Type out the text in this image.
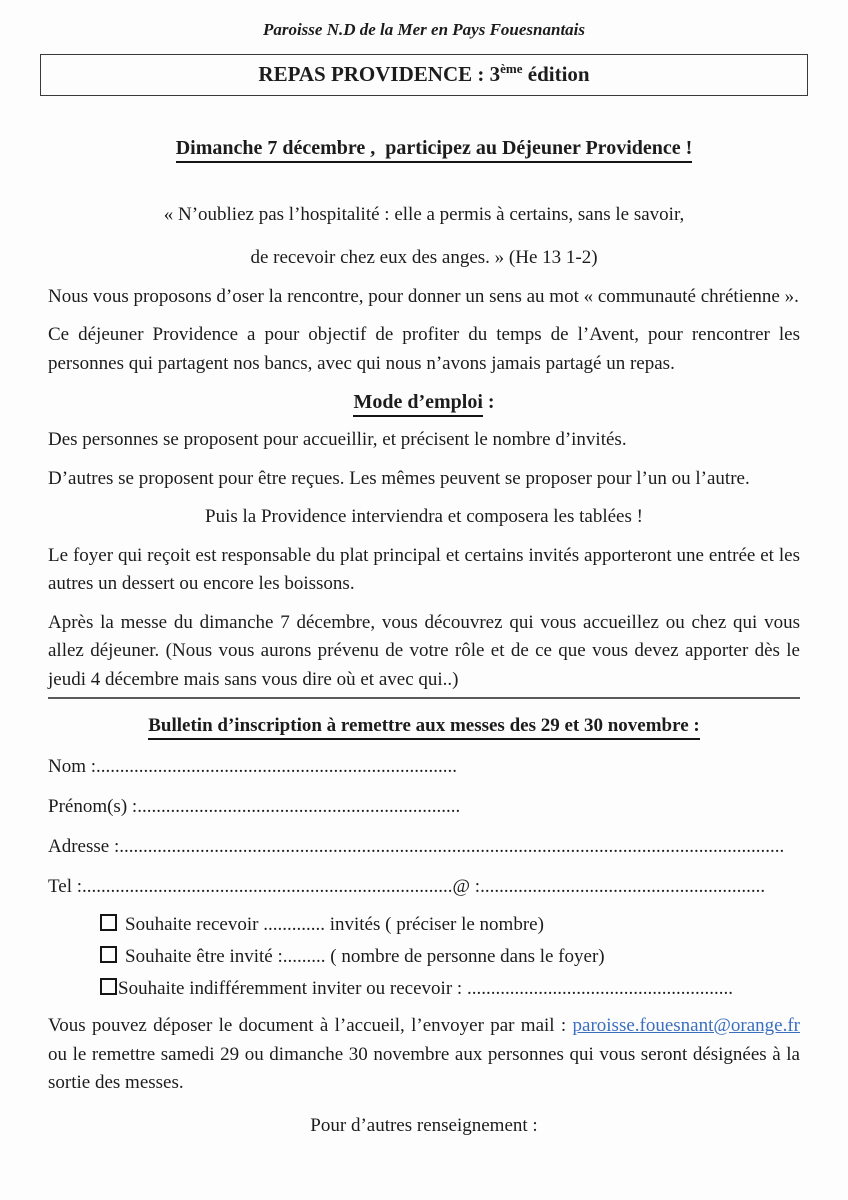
Paroisse N.D de la Mer en Pays Fouesnantais
REPAS PROVIDENCE : 3ème édition

Dimanche 7 décembre ,  participez au Déjeuner Providence !

« N’oubliez pas l’hospitalité : elle a permis à certains, sans le savoir,
de recevoir chez eux des anges. » (He 13 1-2)

Nous vous proposons d’oser la rencontre, pour donner un sens au mot « communauté chrétienne ».

Ce déjeuner Providence a pour objectif de profiter du temps de l’Avent, pour rencontrer les personnes qui partagent nos bancs, avec qui nous n’avons jamais partagé un repas.

Mode d’emploi :

Des personnes se proposent pour accueillir, et précisent le nombre d’invités.

D’autres se proposent pour être reçues. Les mêmes peuvent se proposer pour l’un ou l’autre.

Puis la Providence interviendra et composera les tablées !

Le foyer qui reçoit est responsable du plat principal et certains invités apporteront une entrée et les autres un dessert ou encore les boissons.

Après la messe du dimanche 7 décembre, vous découvrez qui vous accueillez ou chez qui vous allez déjeuner. (Nous vous aurons prévenu de votre rôle et de ce que vous devez apporter dès le jeudi 4 décembre mais sans vous dire où et avec qui..)

Bulletin d’inscription à remettre aux messes des 29 et 30 novembre :
Nom :............................................................................
Prénom(s) :....................................................................
Adresse :............................................................................................................................................
Tel :..............................................................................@ :............................................................
Souhaite recevoir ............. invités ( préciser le nombre)
Souhaite être invité :......... ( nombre de personne dans le foyer)
Souhaite indifféremment inviter ou recevoir : ........................................................

Vous pouvez déposer le document à l’accueil, l’envoyer par mail : paroisse.fouesnant@orange.fr ou le remettre samedi 29 ou dimanche 30 novembre aux personnes qui vous seront désignées à la sortie des messes.

Pour d’autres renseignement :
